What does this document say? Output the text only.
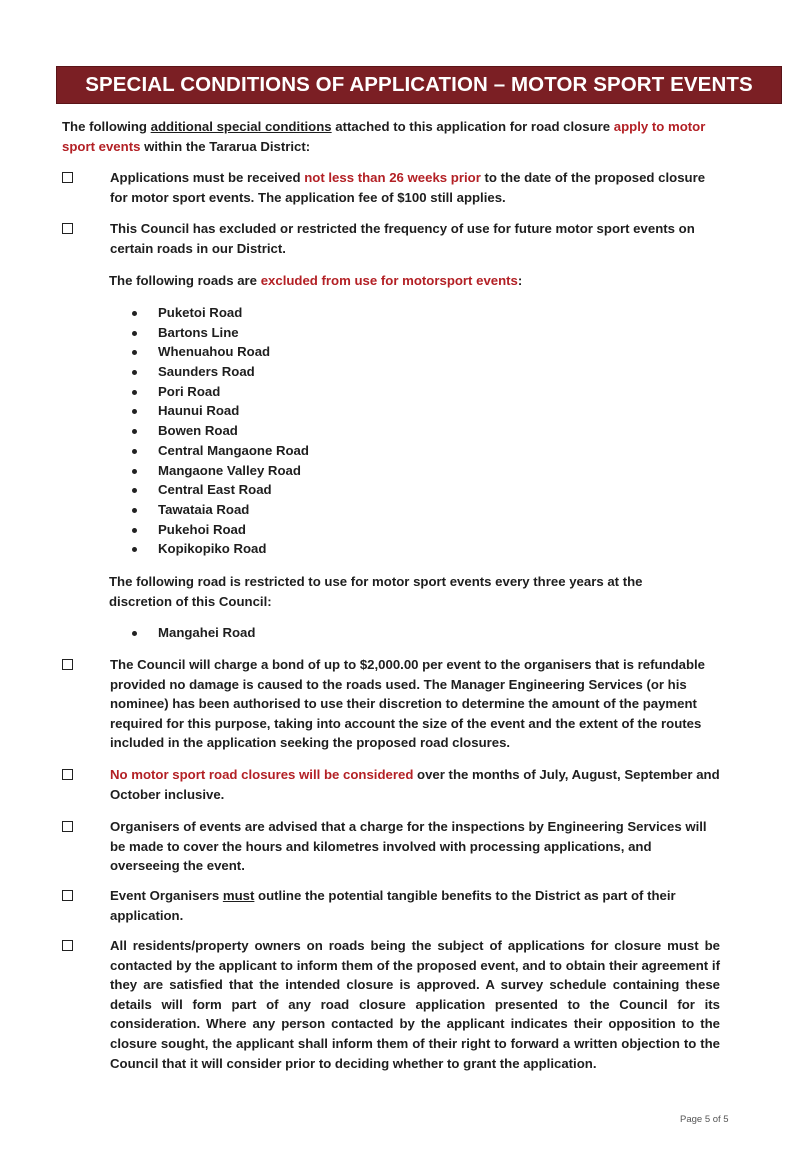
SPECIAL CONDITIONS OF APPLICATION – MOTOR SPORT EVENTS
The following additional special conditions attached to this application for road closure apply to motor sport events within the Tararua District:
Applications must be received not less than 26 weeks prior to the date of the proposed closure for motor sport events. The application fee of $100 still applies.
This Council has excluded or restricted the frequency of use for future motor sport events on certain roads in our District.
The following roads are excluded from use for motorsport events:
Puketoi Road
Bartons Line
Whenuahou Road
Saunders Road
Pori Road
Haunui Road
Bowen Road
Central Mangaone Road
Mangaone Valley Road
Central East Road
Tawataia Road
Pukehoi Road
Kopikopiko Road
The following road is restricted to use for motor sport events every three years at the discretion of this Council:
Mangahei Road
The Council will charge a bond of up to $2,000.00 per event to the organisers that is refundable provided no damage is caused to the roads used. The Manager Engineering Services (or his nominee) has been authorised to use their discretion to determine the amount of the payment required for this purpose, taking into account the size of the event and the extent of the routes included in the application seeking the proposed road closures.
No motor sport road closures will be considered over the months of July, August, September and October inclusive.
Organisers of events are advised that a charge for the inspections by Engineering Services will be made to cover the hours and kilometres involved with processing applications, and overseeing the event.
Event Organisers must outline the potential tangible benefits to the District as part of their application.
All residents/property owners on roads being the subject of applications for closure must be contacted by the applicant to inform them of the proposed event, and to obtain their agreement if they are satisfied that the intended closure is approved. A survey schedule containing these details will form part of any road closure application presented to the Council for its consideration. Where any person contacted by the applicant indicates their opposition to the closure sought, the applicant shall inform them of their right to forward a written objection to the Council that it will consider prior to deciding whether to grant the application.
Page 5 of 5
